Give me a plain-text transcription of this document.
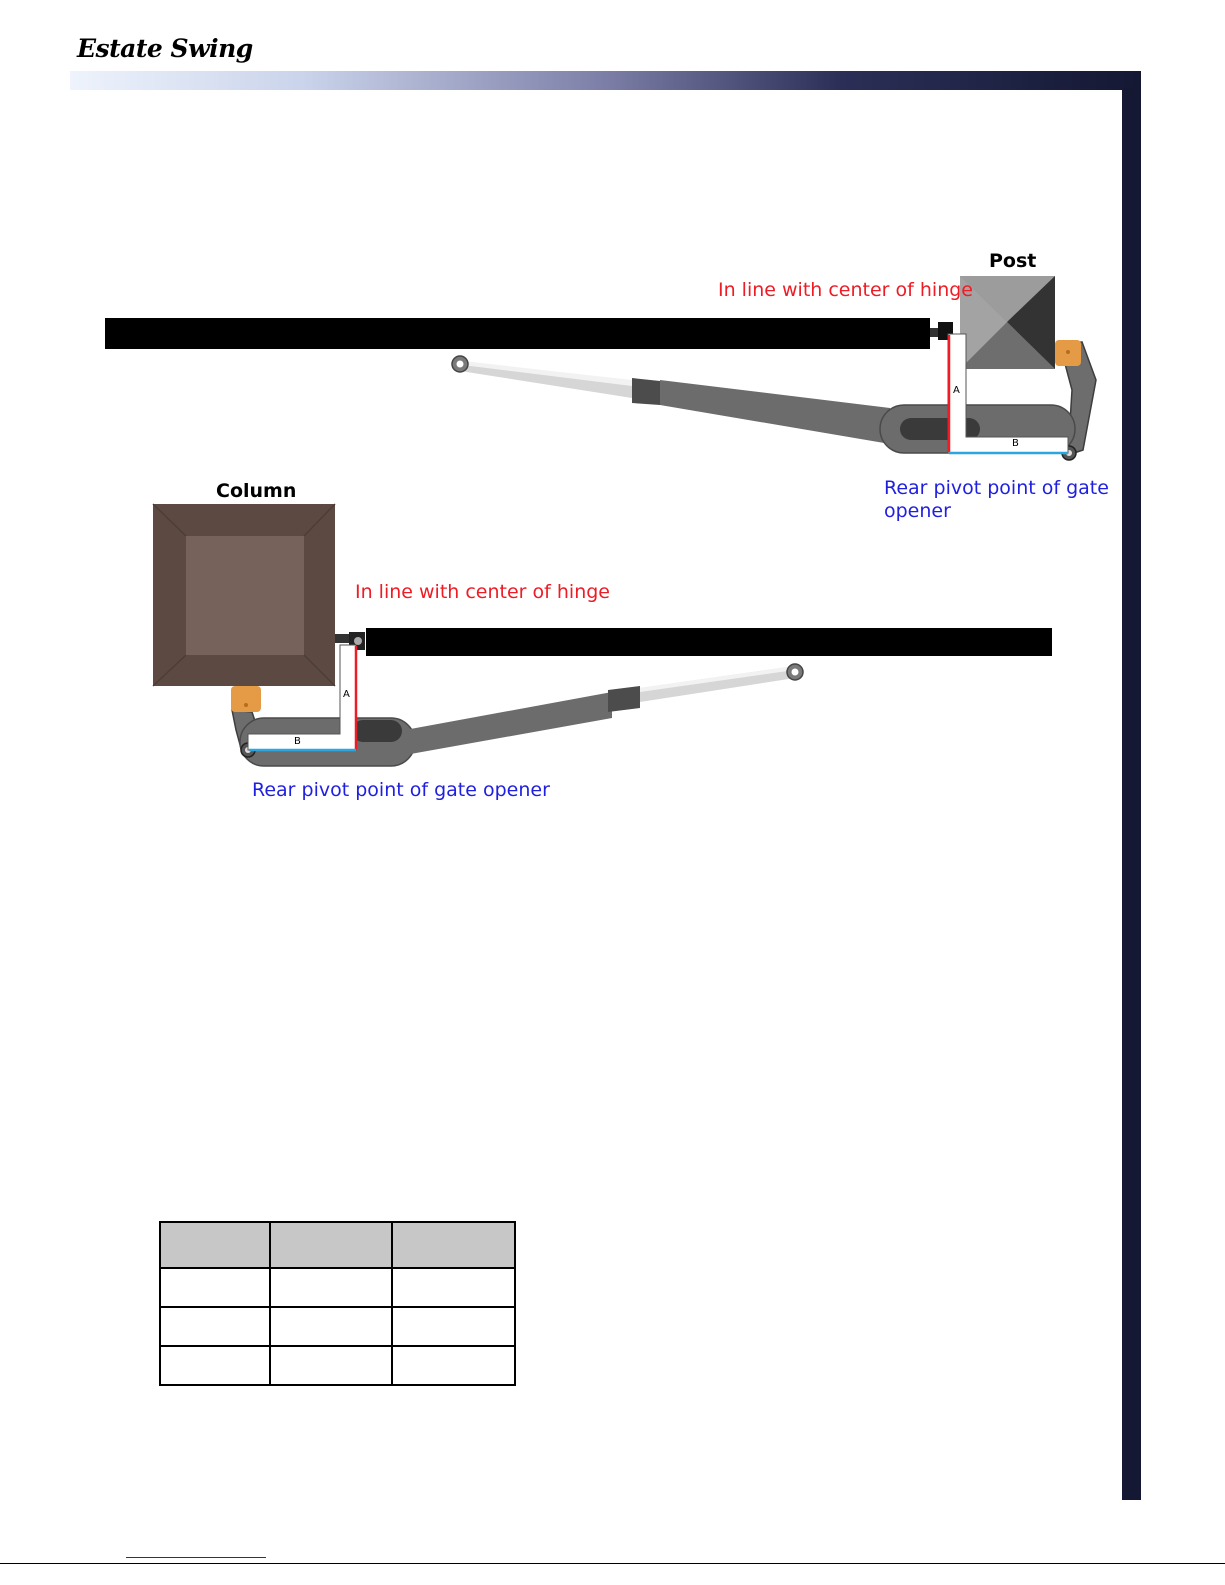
Estate Swing
Post
In line with center of hinge
A
B
Rear pivot point of gate
opener
Column
In line with center of hinge
A
B
Rear pivot point of gate opener
